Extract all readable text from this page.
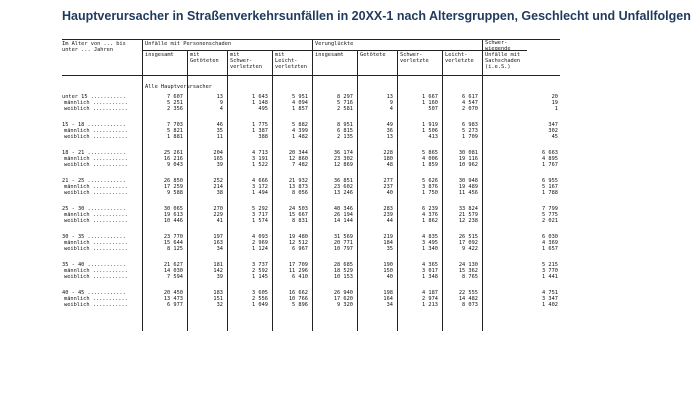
Hauptverursacher in Straßenverkehrsunfällen in 20XX-1 nach Altersgruppen, Geschlecht und Unfallfolgen
Im Alter von ... bis
unter ... Jahren
Unfälle mit Personenschaden	Verunglückte	Schwer-
wiegende
Unfälle mit
Sachschaden
(i.e.S.)
insgesamt	mit
Getöteten
mit
Schwer-
verletzten
mit
Leicht-
verletzten
insgesamt	Getötete	Schwer-
verletzte
Leicht-
verletzte
Alle Hauptverursacher
unter 15 ...........	7 607	13	1 643	5 951	8 297	13	1 667	6 617	20
männlich ...........	5 251	9	1 148	4 094	5 716	9	1 160	4 547	19
weiblich ...........	2 356	4	495	1 857	2 581	4	507	2 070	1
15 - 18 ............	7 703	46	1 775	5 882	8 951	49	1 919	6 983	347
männlich ...........	5 821	35	1 387	4 399	6 815	36	1 506	5 273	302
weiblich ...........	1 881	11	388	1 482	2 135	13	413	1 709	45
18 - 21 ............	25 261	204	4 713	20 344	36 174	228	5 865	30 081	6 663
männlich ...........	16 216	165	3 191	12 860	23 302	180	4 006	19 116	4 895
weiblich ...........	9 043	39	1 522	7 482	12 869	48	1 859	10 962	1 767
21 - 25 ............	26 850	252	4 666	21 932	36 851	277	5 626	30 948	6 955
männlich ...........	17 259	214	3 172	13 873	23 602	237	3 876	19 489	5 167
weiblich ...........	9 588	38	1 494	8 056	13 246	40	1 750	11 456	1 788
25 - 30 ............	30 065	270	5 292	24 503	40 346	283	6 239	33 824	7 799
männlich ...........	19 613	229	3 717	15 667	26 194	239	4 376	21 579	5 775
weiblich ...........	10 446	41	1 574	8 831	14 144	44	1 862	12 238	2 021
30 - 35 ............	23 770	197	4 093	19 480	31 569	219	4 835	26 515	6 030
männlich ...........	15 644	163	2 969	12 512	20 771	184	3 495	17 092	4 369
weiblich ...........	8 125	34	1 124	6 967	10 797	35	1 340	9 422	1 657
35 - 40 ............	21 627	181	3 737	17 709	28 685	190	4 365	24 130	5 215
männlich ...........	14 030	142	2 592	11 296	18 529	150	3 017	15 362	3 770
weiblich ...........	7 594	39	1 145	6 410	10 153	40	1 348	8 765	1 441
40 - 45 ............	20 450	183	3 605	16 662	26 940	198	4 187	22 555	4 751
männlich ...........	13 473	151	2 556	10 766	17 620	164	2 974	14 482	3 347
weiblich ...........	6 977	32	1 049	5 896	9 320	34	1 213	8 073	1 402
